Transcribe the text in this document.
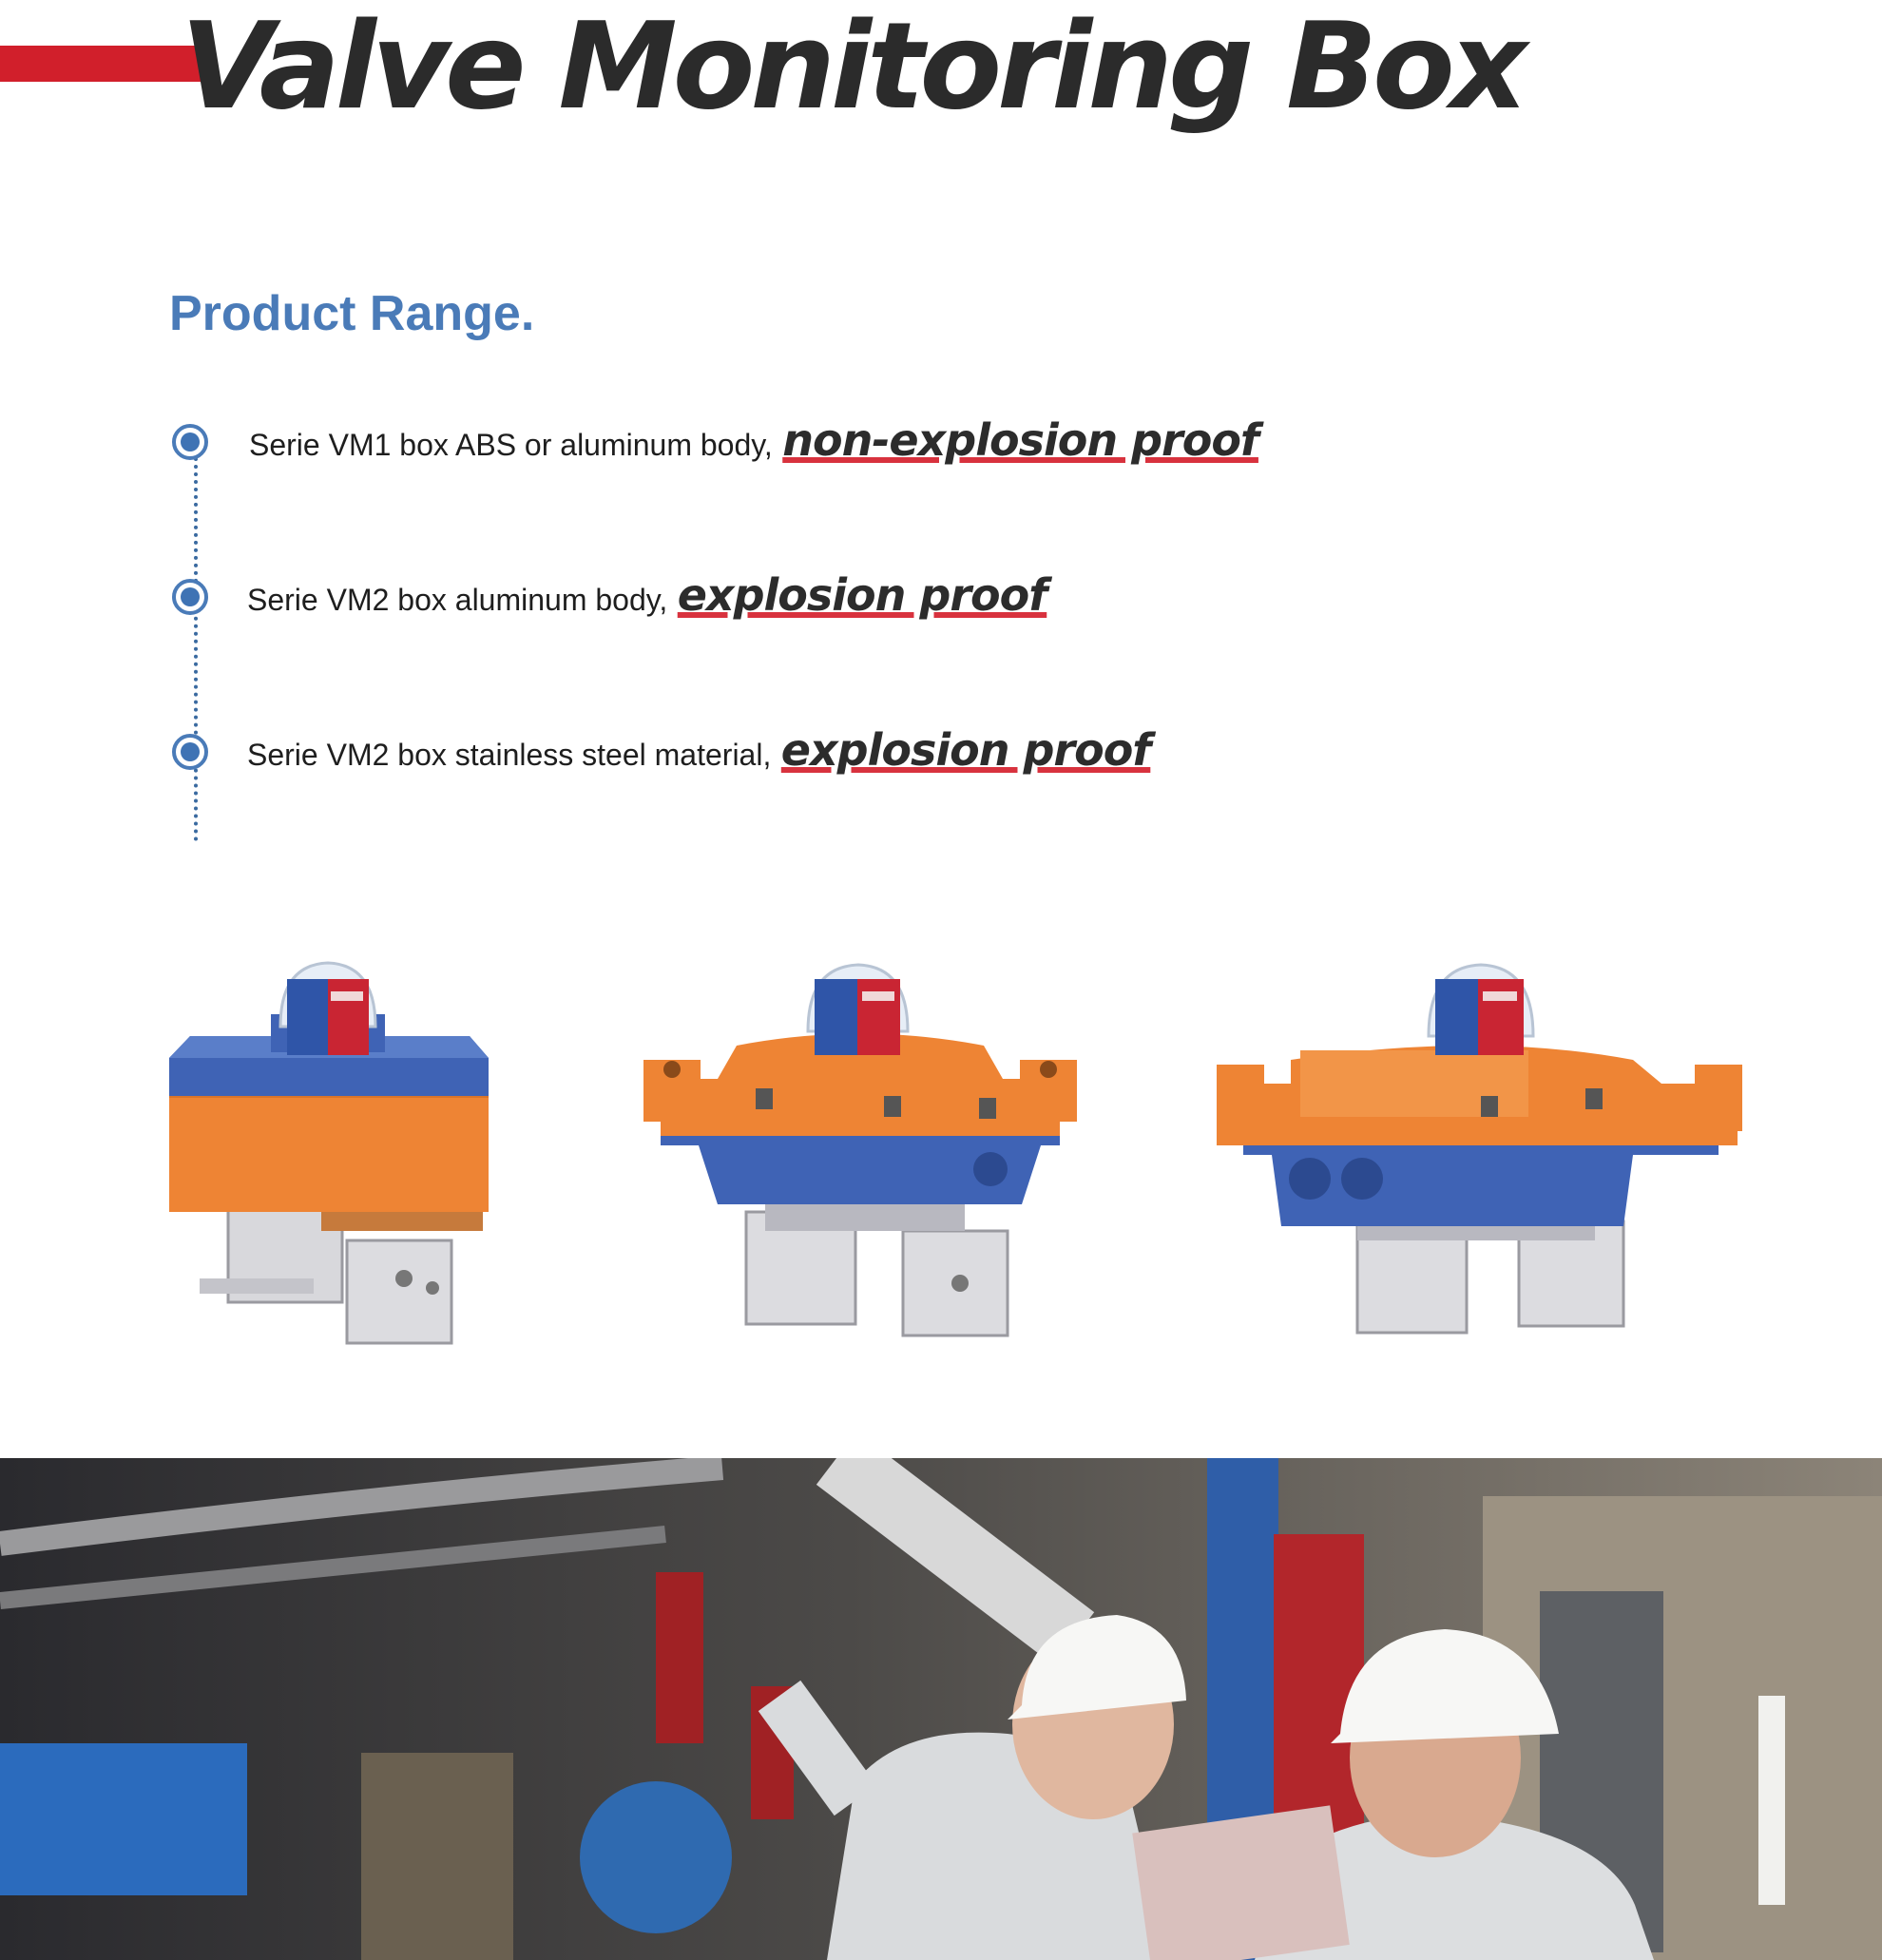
Valve Monitoring Box
Product Range.
Serie VM1 box ABS or aluminum body, non-explosion proof
Serie VM2 box aluminum body, explosion proof
Serie VM2 box stainless steel material, explosion proof
